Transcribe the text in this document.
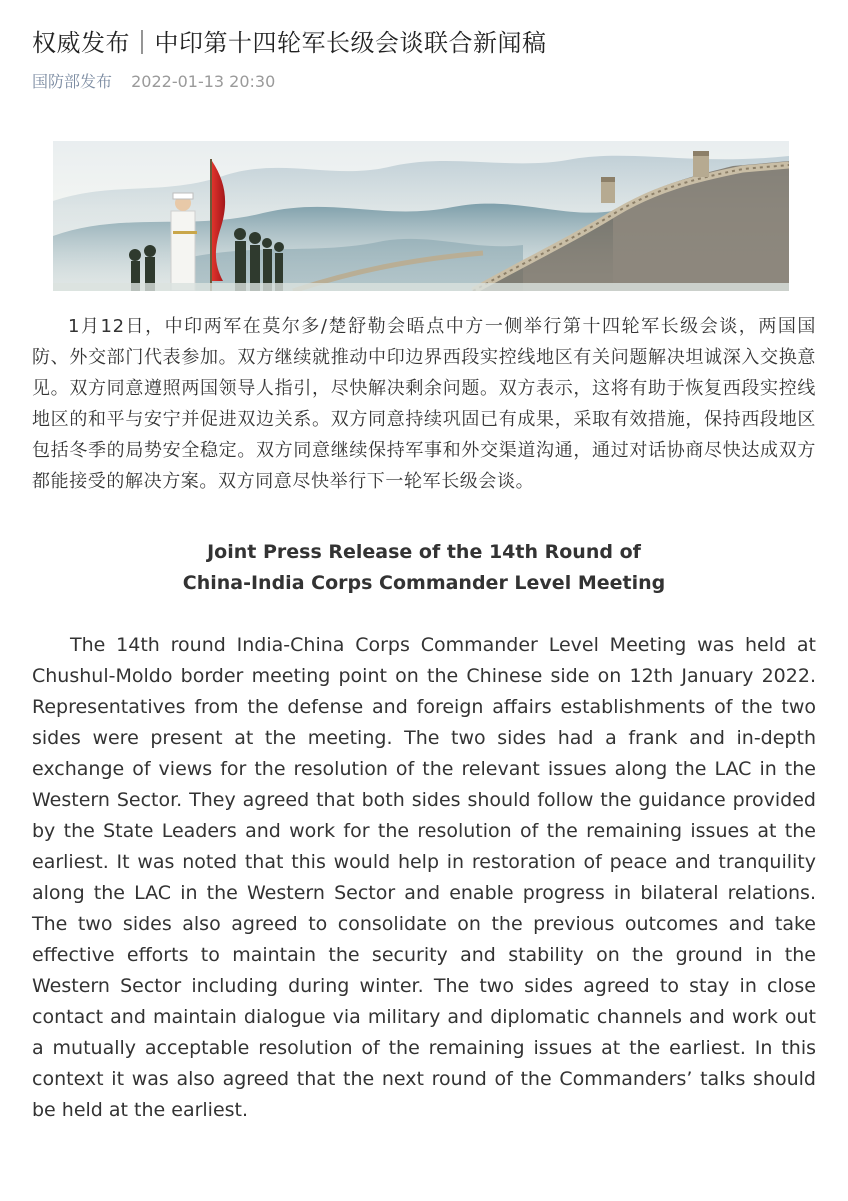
权威发布｜中印第十四轮军长级会谈联合新闻稿
国防部发布 2022-01-13 20:30

1月12日，中印两军在莫尔多/楚舒勒会晤点中方一侧举行第十四轮军长级会谈，两国国防、外交部门代表参加。双方继续就推动中印边界西段实控线地区有关问题解决坦诚深入交换意见。双方同意遵照两国领导人指引，尽快解决剩余问题。双方表示，这将有助于恢复西段实控线地区的和平与安宁并促进双边关系。双方同意持续巩固已有成果，采取有效措施，保持西段地区包括冬季的局势安全稳定。双方同意继续保持军事和外交渠道沟通，通过对话协商尽快达成双方都能接受的解决方案。双方同意尽快举行下一轮军长级会谈。

Joint Press Release of the 14th Round of
China-India Corps Commander Level Meeting

The 14th round India-China Corps Commander Level Meeting was held at Chushul-Moldo border meeting point on the Chinese side on 12th January 2022. Representatives from the defense and foreign affairs establishments of the two sides were present at the meeting. The two sides had a frank and in-depth exchange of views for the resolution of the relevant issues along the LAC in the Western Sector. They agreed that both sides should follow the guidance provided by the State Leaders and work for the resolution of the remaining issues at the earliest. It was noted that this would help in restoration of peace and tranquility along the LAC in the Western Sector and enable progress in bilateral relations. The two sides also agreed to consolidate on the previous outcomes and take effective efforts to maintain the security and stability on the ground in the Western Sector including during winter. The two sides agreed to stay in close contact and maintain dialogue via military and diplomatic channels and work out a mutually acceptable resolution of the remaining issues at the earliest. In this context it was also agreed that the next round of the Commanders’ talks should be held at the earliest.
